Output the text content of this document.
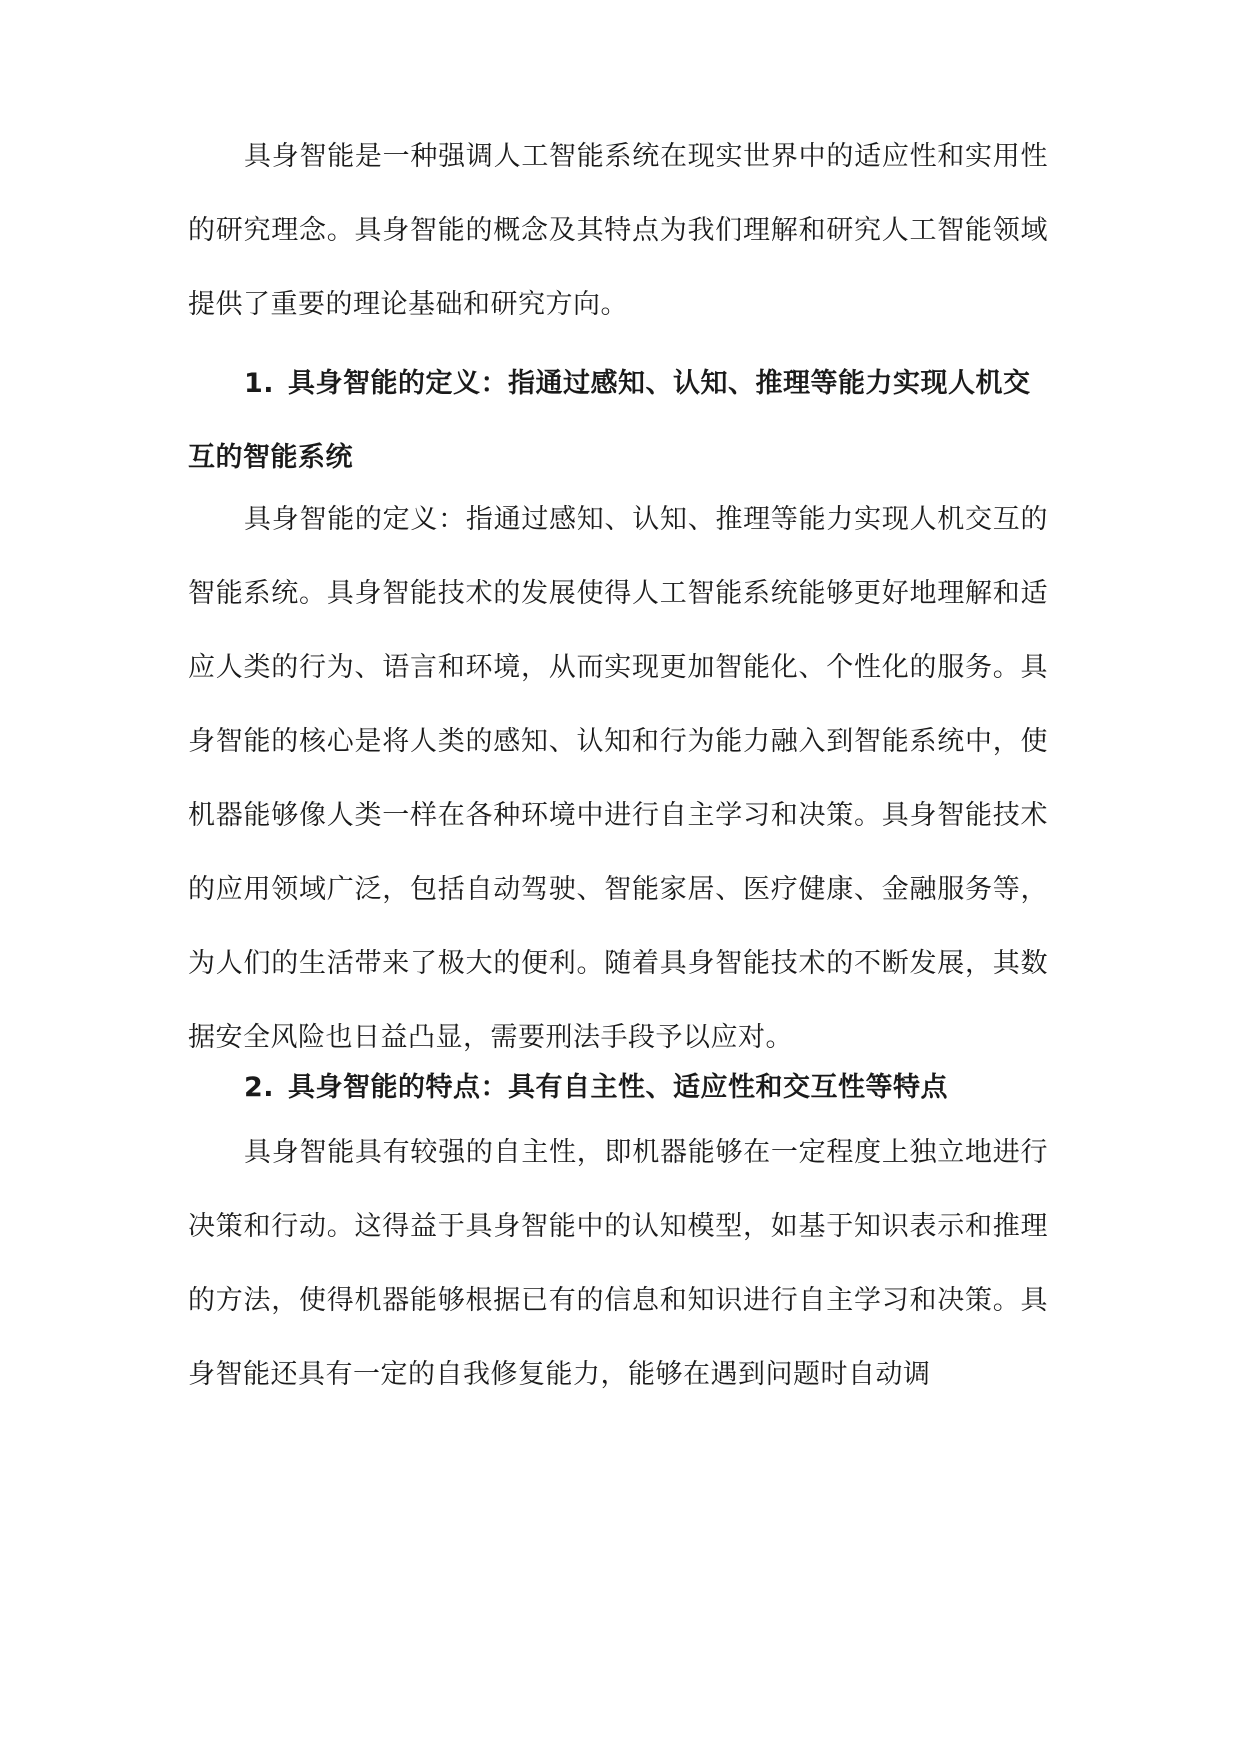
具身智能是一种强调人工智能系统在现实世界中的适应性和实用性的研究理念。具身智能的概念及其特点为我们理解和研究人工智能领域提供了重要的理论基础和研究方向。

1. 具身智能的定义：指通过感知、认知、推理等能力实现人机交互的智能系统

具身智能的定义：指通过感知、认知、推理等能力实现人机交互的智能系统。具身智能技术的发展使得人工智能系统能够更好地理解和适应人类的行为、语言和环境，从而实现更加智能化、个性化的服务。具身智能的核心是将人类的感知、认知和行为能力融入到智能系统中，使机器能够像人类一样在各种环境中进行自主学习和决策。具身智能技术的应用领域广泛，包括自动驾驶、智能家居、医疗健康、金融服务等，为人们的生活带来了极大的便利。随着具身智能技术的不断发展，其数据安全风险也日益凸显，需要刑法手段予以应对。

2. 具身智能的特点：具有自主性、适应性和交互性等特点

具身智能具有较强的自主性，即机器能够在一定程度上独立地进行决策和行动。这得益于具身智能中的认知模型，如基于知识表示和推理的方法，使得机器能够根据已有的信息和知识进行自主学习和决策。具身智能还具有一定的自我修复能力，能够在遇到问题时自动调
